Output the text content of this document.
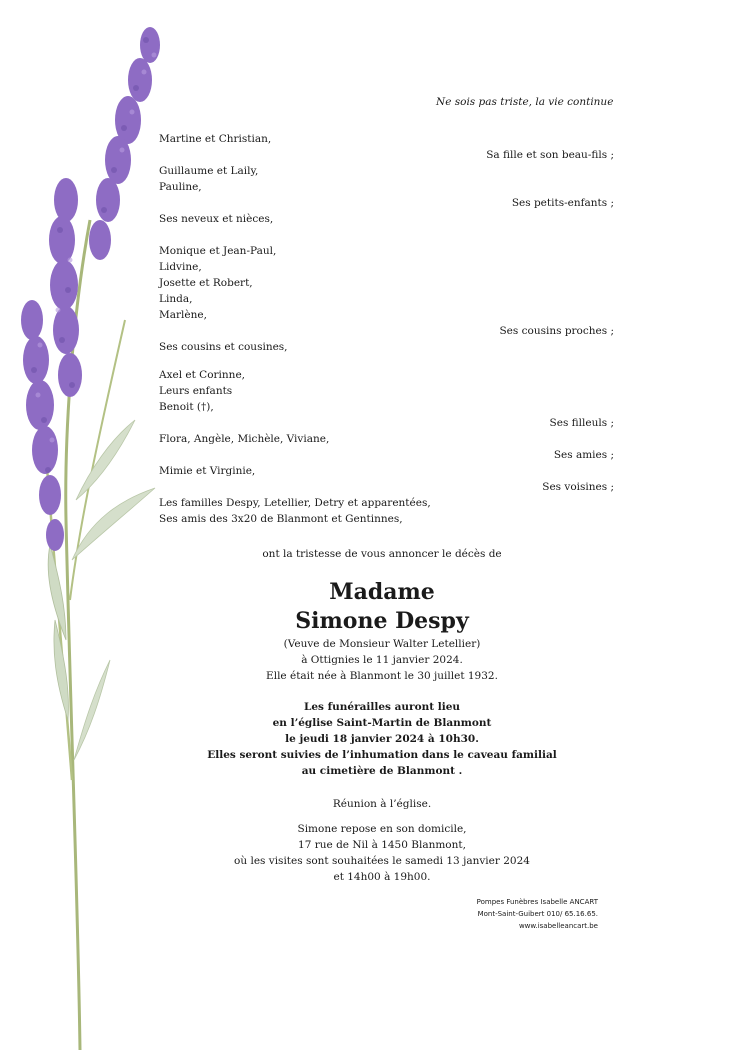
Ne sois pas triste, la vie continue
Martine et Christian,
Sa fille et son beau-fils ;
Guillaume et Laily,
Pauline,
Ses petits-enfants ;
Ses neveux et nièces,
Monique et Jean-Paul,
Lidvine,
Josette et Robert,
Linda,
Marlène,
Ses cousins proches ;
Ses cousins et cousines,
Axel et Corinne,
Leurs enfants
Benoit (†),
Ses filleuls ;
Flora, Angèle, Michèle, Viviane,
Ses amies ;
Mimie et Virginie,
Ses voisines ;
Les familles Despy, Letellier, Detry et apparentées,
Ses amis des 3x20 de Blanmont et Gentinnes,
ont la tristesse de vous annoncer le décès de
Madame
Simone Despy
(Veuve de Monsieur Walter Letellier)
à Ottignies le 11 janvier 2024.
Elle était née à Blanmont le 30 juillet 1932.
Les funérailles auront lieu
en l’église Saint-Martin de Blanmont
le jeudi 18 janvier 2024 à 10h30.
Elles seront suivies de l’inhumation dans le caveau familial
au cimetière de Blanmont .
Réunion à l’église.
Simone repose en son domicile,
17 rue de Nil à 1450 Blanmont,
où les visites sont souhaitées le samedi 13 janvier 2024
et 14h00 à 19h00.
Pompes Funèbres Isabelle ANCART
Mont-Saint-Guibert 010/ 65.16.65.
www.isabelleancart.be
